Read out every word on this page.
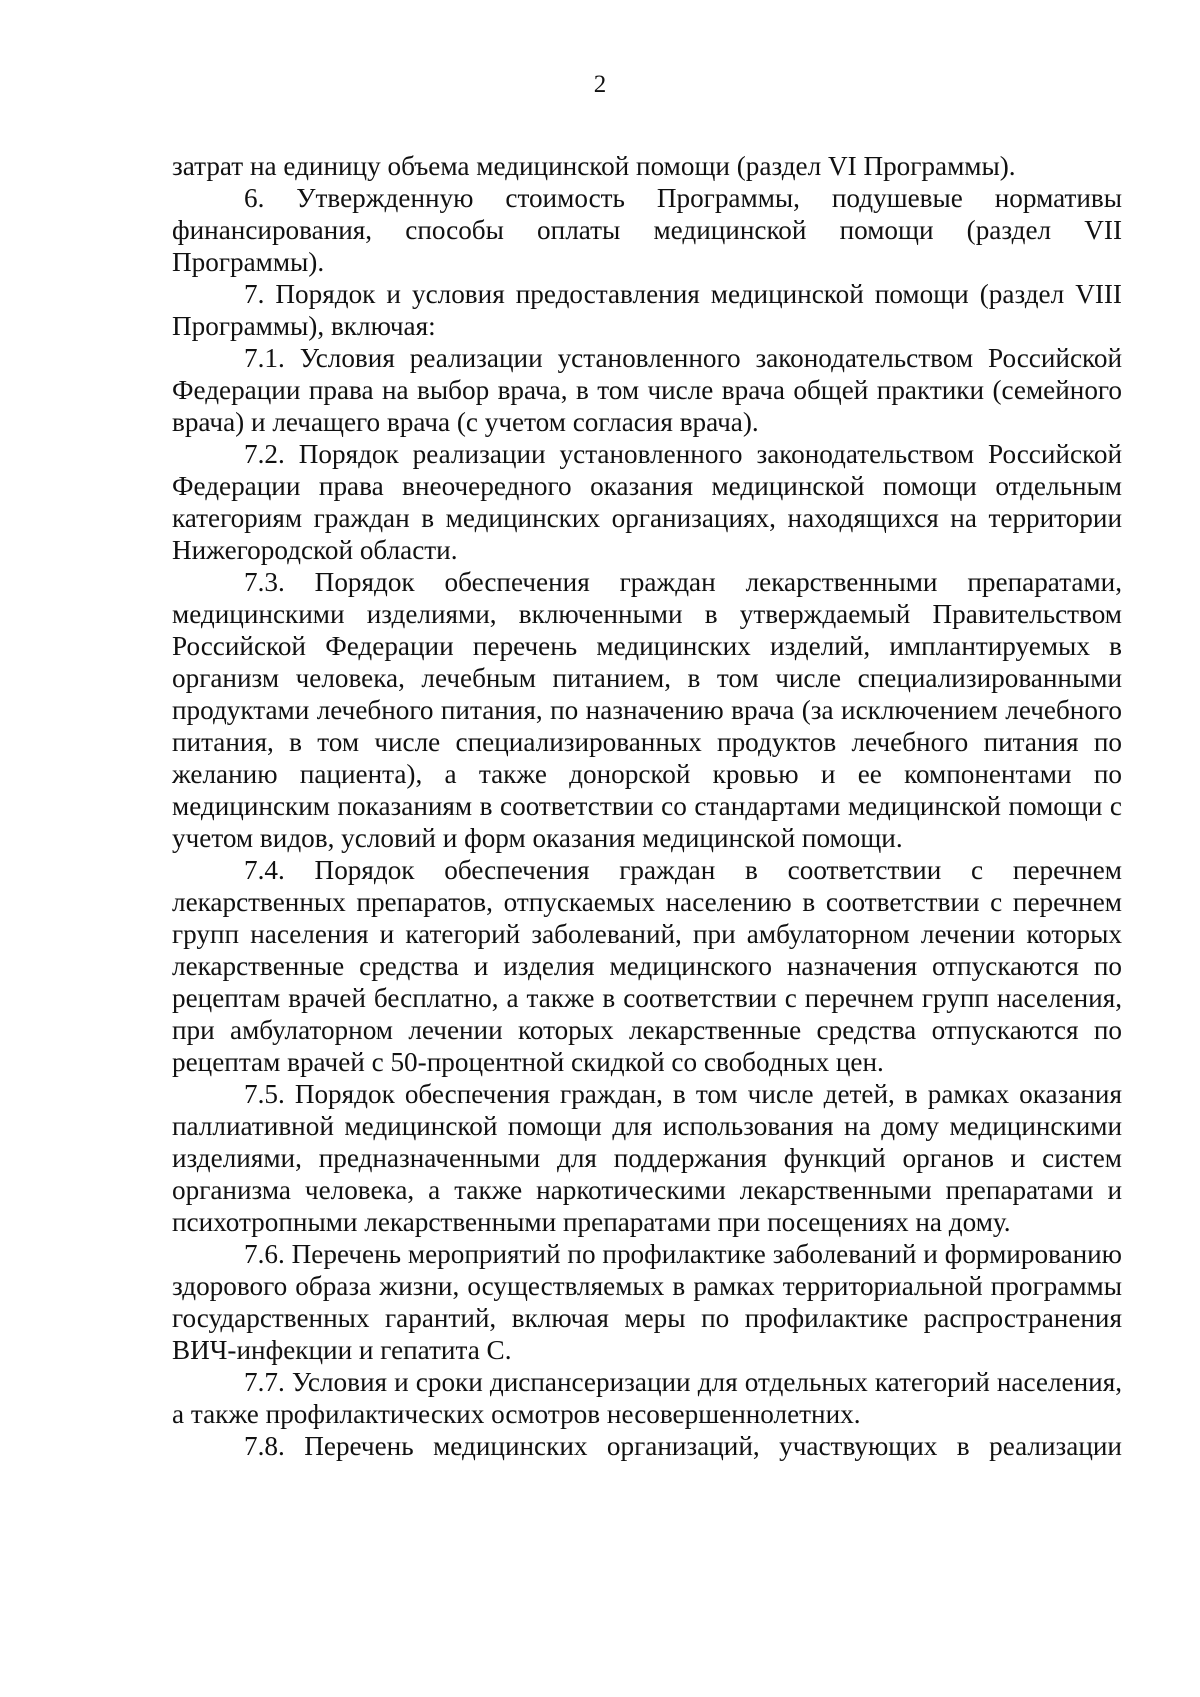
2

затрат на единицу объема медицинской помощи (раздел VI Программы).

6. Утвержденную стоимость Программы, подушевые нормативы финансирования, способы оплаты медицинской помощи (раздел VII Программы).

7. Порядок и условия предоставления медицинской помощи (раздел VIII Программы), включая:

7.1. Условия реализации установленного законодательством Российской Федерации права на выбор врача, в том числе врача общей практики (семейного врача) и лечащего врача (с учетом согласия врача).

7.2. Порядок реализации установленного законодательством Российской Федерации права внеочередного оказания медицинской помощи отдельным категориям граждан в медицинских организациях, находящихся на территории Нижегородской области.

7.3. Порядок обеспечения граждан лекарственными препаратами, медицинскими изделиями, включенными в утверждаемый Правительством Российской Федерации перечень медицинских изделий, имплантируемых в организм человека, лечебным питанием, в том числе специализированными продуктами лечебного питания, по назначению врача (за исключением лечебного питания, в том числе специализированных продуктов лечебного питания по желанию пациента), а также донорской кровью и ее компонентами по медицинским показаниям в соответствии со стандартами медицинской помощи с учетом видов, условий и форм оказания медицинской помощи.

7.4. Порядок обеспечения граждан в соответствии с перечнем лекарственных препаратов, отпускаемых населению в соответствии с перечнем групп населения и категорий заболеваний, при амбулаторном лечении которых лекарственные средства и изделия медицинского назначения отпускаются по рецептам врачей бесплатно, а также в соответствии с перечнем групп населения, при амбулаторном лечении которых лекарственные средства отпускаются по рецептам врачей с 50-процентной скидкой со свободных цен.

7.5. Порядок обеспечения граждан, в том числе детей, в рамках оказания паллиативной медицинской помощи для использования на дому медицинскими изделиями, предназначенными для поддержания функций органов и систем организма человека, а также наркотическими лекарственными препаратами и психотропными лекарственными препаратами при посещениях на дому.

7.6. Перечень мероприятий по профилактике заболеваний и формированию здорового образа жизни, осуществляемых в рамках территориальной программы государственных гарантий, включая меры по профилактике распространения ВИЧ-инфекции и гепатита С.

7.7. Условия и сроки диспансеризации для отдельных категорий населения, а также профилактических осмотров несовершеннолетних.

7.8. Перечень медицинских организаций, участвующих в реализации
